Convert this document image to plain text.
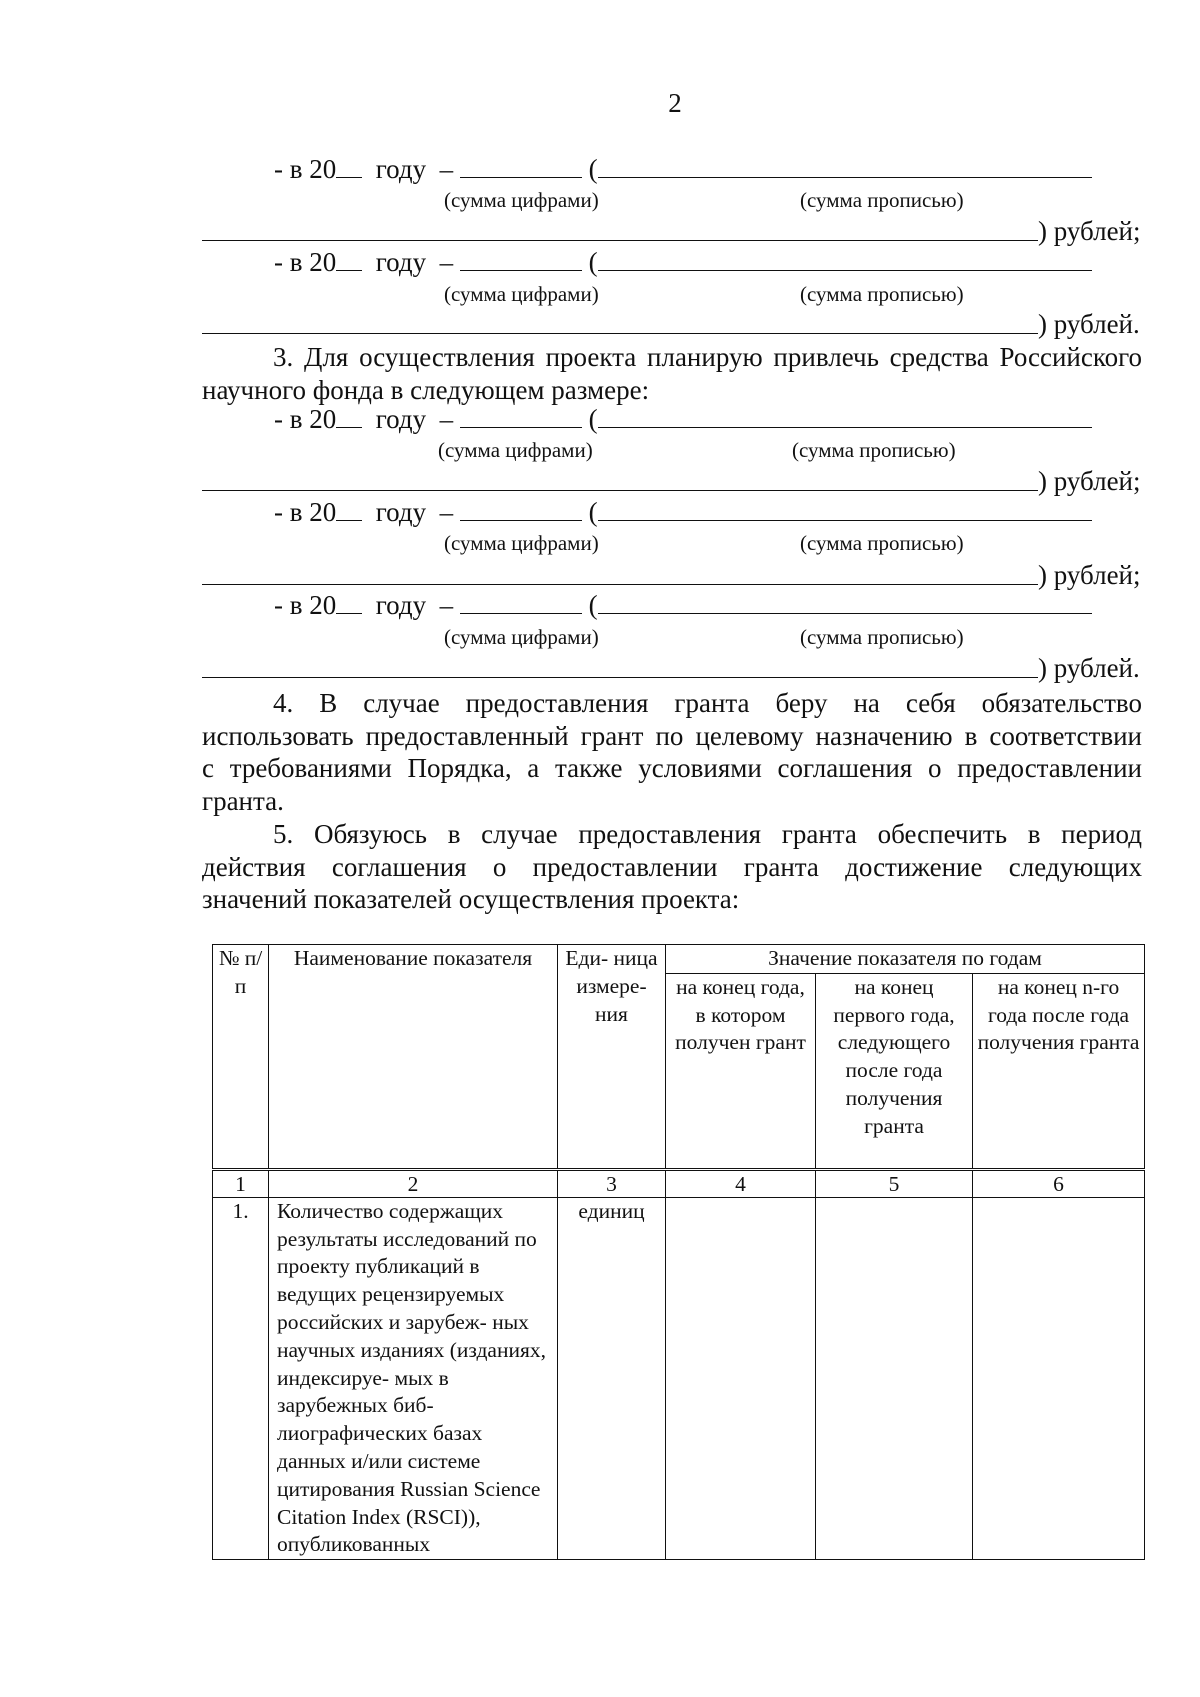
2
- в 20 году –	(
(сумма цифрами)	(сумма прописью)
) рублей;
- в 20 году –	(
(сумма цифрами)	(сумма прописью)
) рублей.

3. Для осуществления проекта планирую привлечь средства Российского

научного фонда в следующем размере:

- в 20 году –	(
(сумма цифрами)	(сумма прописью)
) рублей;
- в 20 году –	(
(сумма цифрами)	(сумма прописью)
) рублей;
- в 20 году –	(
(сумма цифрами)	(сумма прописью)
) рублей.

4. В случае предоставления гранта беру на себя обязательство

использовать предоставленный грант по целевому назначению в соответствии

с требованиями Порядка, а также условиями соглашения о предоставлении

гранта.

5. Обязуюсь в случае предоставления гранта обеспечить в период

действия соглашения о предоставлении гранта достижение следующих

значений показателей осуществления проекта:

№ п/п	Наименование показателя	Еди- ница измере- ния	Значение показателя по годам		
			на конец года, в котором получен грант	на конец первого года, следующего после года получения гранта	на конец n-го года после года получения гранта
1	2	3	4	5	6
1.	Количество содержащих результаты исследований по проекту публикаций в ведущих рецензируемых российских и зарубеж- ных научных изданиях (изданиях, индексируе- мых в зарубежных биб- лиографических базах данных и/или системе цитирования Russian Science Citation Index (RSCI)), опубликованных	единиц			
